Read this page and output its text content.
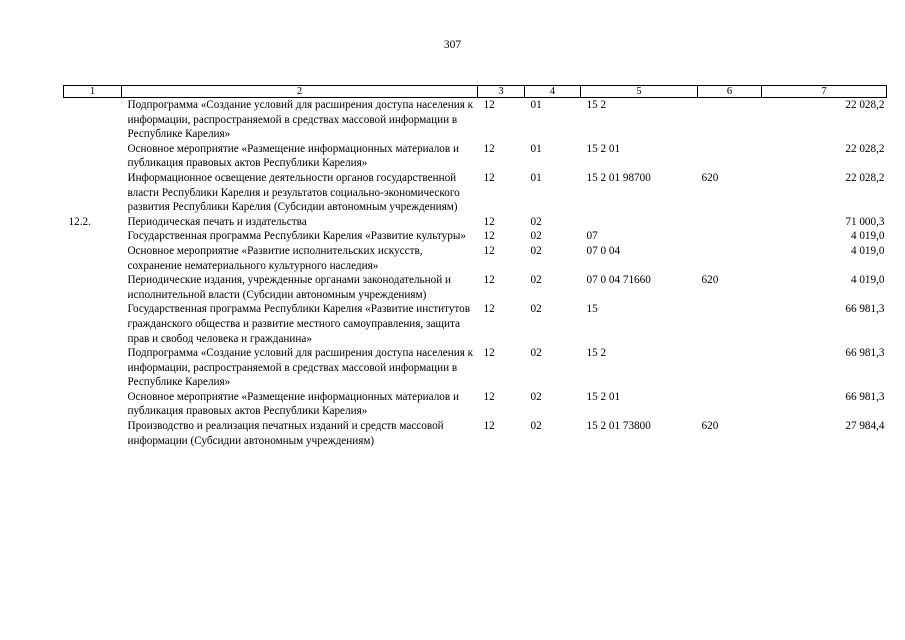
307
1	2	3	4	5	6	7
	Подпрограмма «Создание условий для расширения доступа населения к информации, распространяемой в средствах массовой информации в Республике Карелия»	12	01	15 2		22 028,2
	Основное мероприятие «Размещение информационных материалов и публикация правовых актов Республики Карелия»	12	01	15 2 01		22 028,2
	Информационное освещение деятельности органов государственной власти Республики Карелия и результатов социально-экономического развития Республики Карелия (Субсидии автономным учреждениям)	12	01	15 2 01 98700	620	22 028,2
12.2.	Периодическая печать и издательства	12	02			71 000,3
	Государственная программа Республики Карелия «Развитие культуры»	12	02	07		4 019,0
	Основное мероприятие «Развитие исполнительских искусств, сохранение нематериального культурного наследия»	12	02	07 0 04		4 019,0
	Периодические издания, учрежденные органами законодательной и исполнительной власти (Субсидии автономным учреждениям)	12	02	07 0 04 71660	620	4 019,0
	Государственная программа Республики Карелия «Развитие институтов гражданского общества и развитие местного самоуправления, защита прав и свобод человека и гражданина»	12	02	15		66 981,3
	Подпрограмма «Создание условий для расширения доступа населения к информации, распространяемой в средствах массовой информации в Республике Карелия»	12	02	15 2		66 981,3
	Основное мероприятие «Размещение информационных материалов и публикация правовых актов Республики Карелия»	12	02	15 2 01		66 981,3
	Производство и реализация печатных изданий и средств массовой информации (Субсидии автономным учреждениям)	12	02	15 2 01 73800	620	27 984,4
